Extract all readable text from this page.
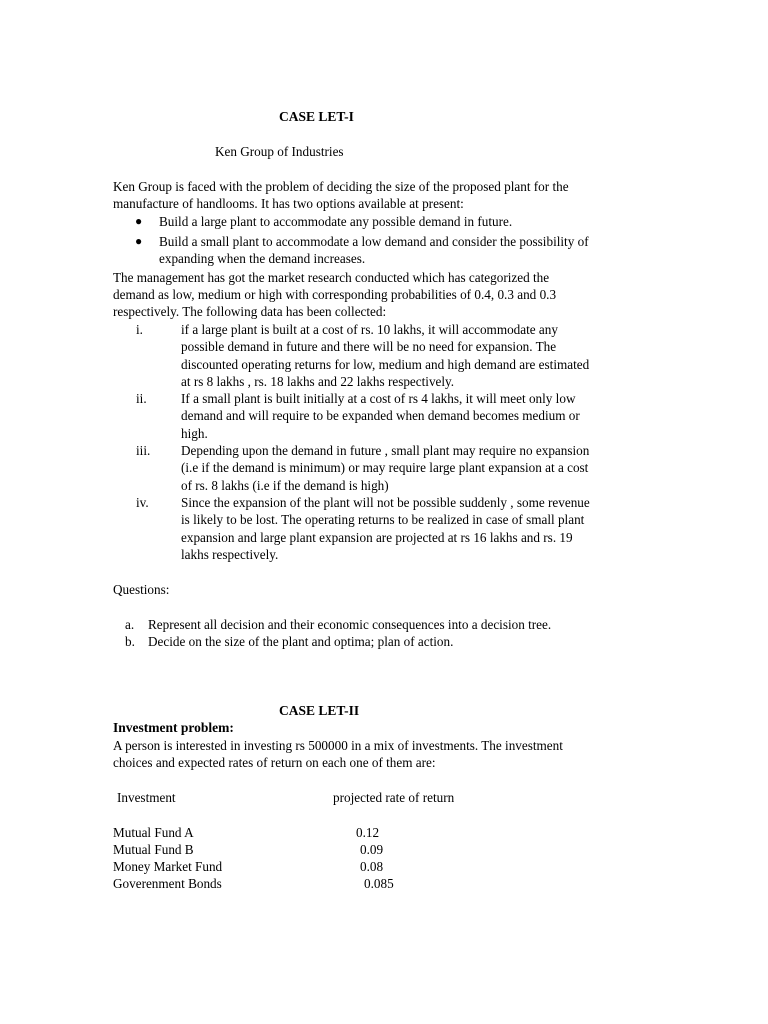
CASE LET-I
Ken Group of Industries
Ken Group is faced with the problem of deciding the size of the proposed plant for the
manufacture of handlooms. It has two options available at present:
● Build a large plant to accommodate any possible demand in future.
● Build a small plant to accommodate a low demand and consider the possibility of
expanding when the demand increases.
The management has got the market research conducted which has categorized the
demand as low, medium or high with corresponding probabilities of 0.4, 0.3 and 0.3
respectively. The following data has been collected:
i.	if a large plant is built at a cost of rs. 10 lakhs, it will accommodate any
possible demand in future and there will be no need for expansion. The
discounted operating returns for low, medium and high demand are estimated
at rs 8 lakhs , rs. 18 lakhs and 22 lakhs respectively.
ii.	If a small plant is built initially at a cost of rs 4 lakhs, it will meet only low
demand and will require to be expanded when demand becomes medium or
high.
iii. Depending upon the demand in future , small plant may require no expansion
(i.e if the demand is minimum) or may require large plant expansion at a cost
of rs. 8 lakhs (i.e if the demand is high)
iv. Since the expansion of the plant will not be possible suddenly , some revenue
is likely to be lost. The operating returns to be realized in case of small plant
expansion and large plant expansion are projected at rs 16 lakhs and rs. 19
lakhs respectively.
Questions:
a. Represent all decision and their economic consequences into a decision tree.
b. Decide on the size of the plant and optima; plan of action.
CASE LET-II
Investment problem:
A person is interested in investing rs 500000 in a mix of investments. The investment
choices and expected rates of return on each one of them are:
Investment	projected rate of return
Mutual Fund A	0.12
Mutual Fund B	0.09
Money Market Fund	0.08
Goverenment Bonds	0.085
